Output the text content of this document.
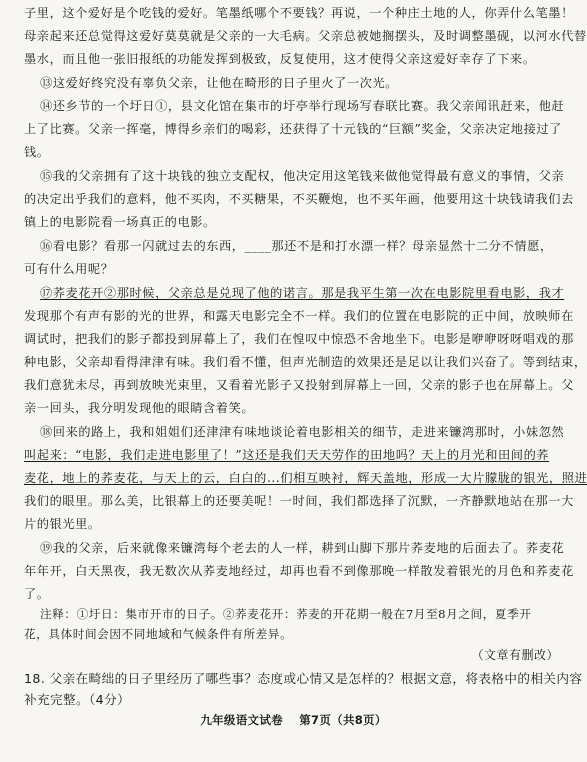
子里，这个爱好是个吃钱的爱好。笔墨纸哪个不要钱？再说，一个种庄土地的人，你弄什么笔墨！
母亲起来还总觉得这爱好莫莫就是父亲的一大毛病。父亲总被她搁摆头，及时调整墨砚，以河水代替
墨水，而且他一张旧报纸的功能发挥到极致，反复使用，这才使得父亲这爱好幸存了下来。
⑬这爱好终究没有辜负父亲，让他在畸形的日子里火了一次光。
⑭还乡节的一个圩日①，县文化馆在集市的圩亭举行现场写春联比赛。我父亲闻讯赶来，他赶
上了比赛。父亲一挥毫，博得乡亲们的喝彩，还获得了十元钱的“巨额”奖金，父亲决定地接过了
钱。
⑮我的父亲拥有了这十块钱的独立支配权，他决定用这笔钱来做他觉得最有意义的事情，父亲
的决定出乎我们的意料，他不买肉，不买糖果，不买鞭炮，也不买年画，他要用这十块钱请我们去
镇上的电影院看一场真正的电影。
⑯看电影？看那一闪就过去的东西，____那还不是和打水漂一样？母亲显然十二分不情愿，
可有什么用呢？
⑰荞麦花开②那时候，父亲总是兑现了他的诺言。那是我平生第一次在电影院里看电影，我才
发现那个有声有影的光的世界，和露天电影完全不一样。我们的位置在电影院的正中间，放映师在
调试时，把我们的影子都投到屏幕上了，我们在惶叹中惊恐不舍地坐下。电影是咿咿呀呀唱戏的那
种电影，父亲却看得津津有味。我们看不懂，但声光制造的效果还是足以让我们兴奋了。等到结束，
我们意犹未尽，再到放映光束里，又看着光影子又投射到屏幕上一回，父亲的影子也在屏幕上。父
亲一回头，我分明发现他的眼睛含着笑。
⑱回来的路上，我和姐姐们还津津有味地谈论着电影相关的细节，走进来镰湾那时，小妹忽然
叫起来：“电影，我们走进电影里了！”这还是我们天天劳作的田地吗？天上的月光和田间的荞
麦花，地上的荞麦花，与天上的云，白白的...们相互映衬，辉天盖地，形成一大片朦胧的银光，照进
我们的眼里。那么美，比银幕上的还要美呢！一时间，我们都选择了沉默，一齐静默地站在那一大
片的银光里。
⑲我的父亲，后来就像来镰湾每个老去的人一样，耕到山脚下那片荞麦地的后面去了。荞麦花
年年开，白天黑夜，我无数次从荞麦地经过，却再也看不到像那晚一样散发着银光的月色和荞麦花
了。
注释：①圩日：集市开市的日子。②荞麦花开：荞麦的开花期一般在7月至8月之间，夏季开
花，具体时间会因不同地域和气候条件有所差异。
（文章有删改）
18. 父亲在畸绌的日子里经历了哪些事？态度或心情又是怎样的？根据文意，将表格中的相关内容
补充完整。（4分）
九年级语文试卷 第7页（共8页）
